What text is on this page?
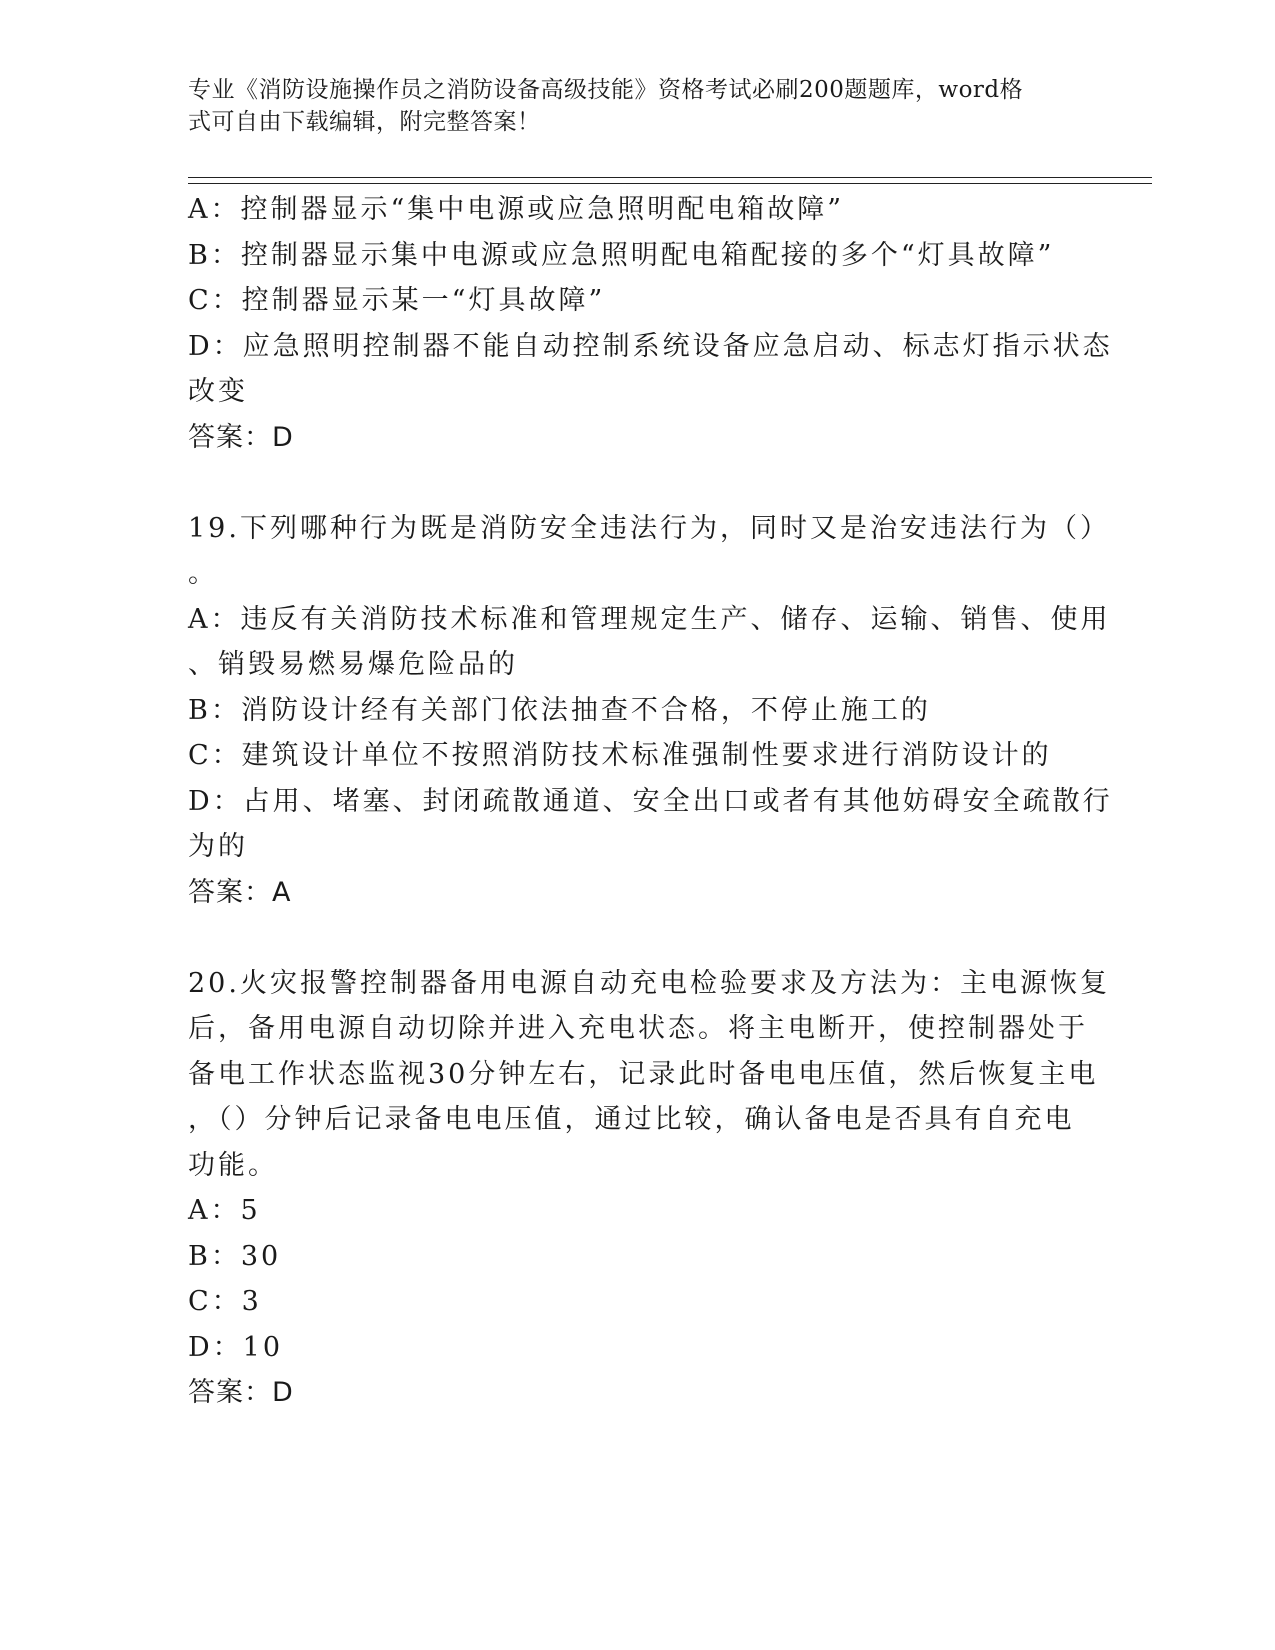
专业《消防设施操作员之消防设备高级技能》资格考试必刷200题题库，word格
式可自由下载编辑，附完整答案！
A：控制器显示“集中电源或应急照明配电箱故障”
B：控制器显示集中电源或应急照明配电箱配接的多个“灯具故障”
C：控制器显示某一“灯具故障”
D：应急照明控制器不能自动控制系统设备应急启动、标志灯指示状态
改变
答案：D
19.下列哪种行为既是消防安全违法行为，同时又是治安违法行为（）
。
A：违反有关消防技术标准和管理规定生产、储存、运输、销售、使用
、销毁易燃易爆危险品的
B：消防设计经有关部门依法抽查不合格，不停止施工的
C：建筑设计单位不按照消防技术标准强制性要求进行消防设计的
D：占用、堵塞、封闭疏散通道、安全出口或者有其他妨碍安全疏散行
为的
答案：A
20.火灾报警控制器备用电源自动充电检验要求及方法为：主电源恢复
后，备用电源自动切除并进入充电状态。将主电断开，使控制器处于
备电工作状态监视30分钟左右，记录此时备电电压值，然后恢复主电
，（）分钟后记录备电电压值，通过比较，确认备电是否具有自充电
功能。
A：5
B：30
C：3
D：10
答案：D
